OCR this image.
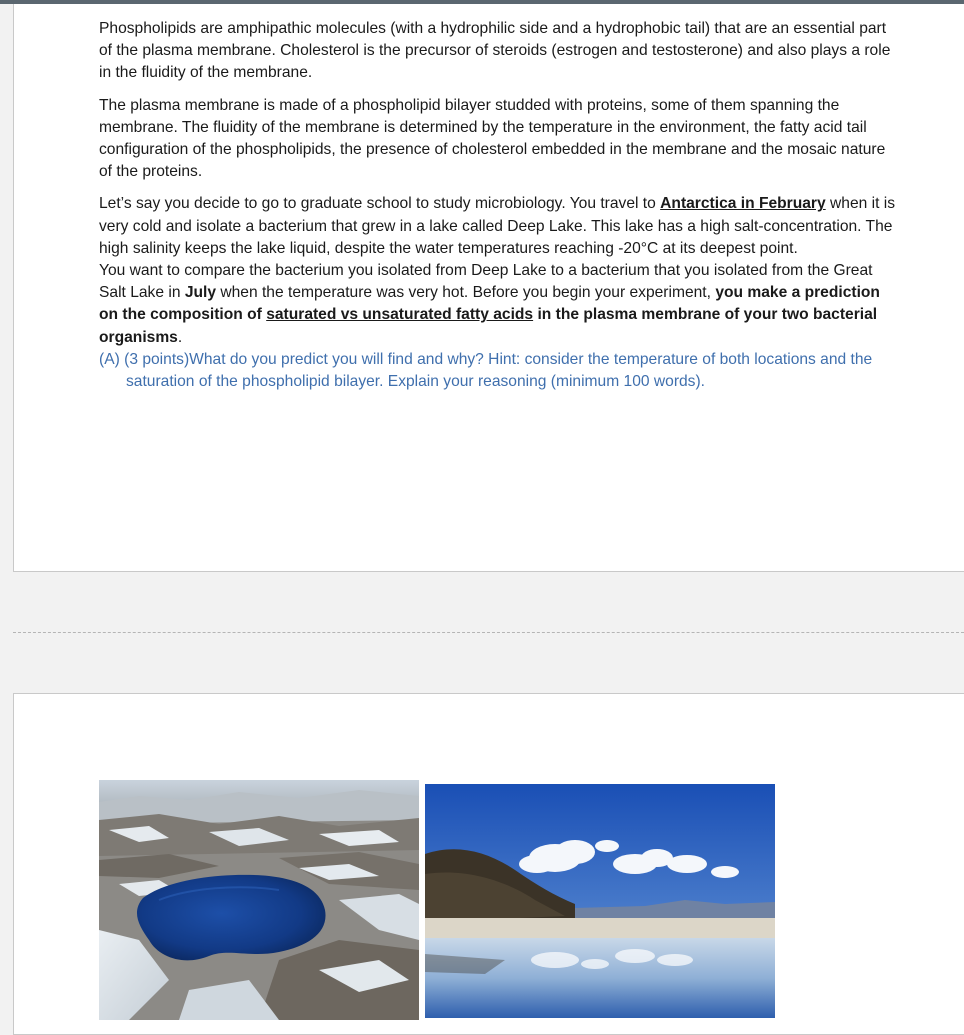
Phospholipids are amphipathic molecules (with a hydrophilic side and a hydrophobic tail) that are an essential part of the plasma membrane. Cholesterol is the precursor of steroids (estrogen and testosterone) and also plays a role in the fluidity of the membrane.

The plasma membrane is made of a phospholipid bilayer studded with proteins, some of them spanning the membrane. The fluidity of the membrane is determined by the temperature in the environment, the fatty acid tail configuration of the phospholipids, the presence of cholesterol embedded in the membrane and the mosaic nature of the proteins.

Let’s say you decide to go to graduate school to study microbiology. You travel to Antarctica in February when it is very cold and isolate a bacterium that grew in a lake called Deep Lake. This lake has a high salt-concentration. The high salinity keeps the lake liquid, despite the water temperatures reaching -20°C at its deepest point.

You want to compare the bacterium you isolated from Deep Lake to a bacterium that you isolated from the Great Salt Lake in July when the temperature was very hot. Before you begin your experiment, you make a prediction on the composition of saturated vs unsaturated fatty acids in the plasma membrane of your two bacterial organisms.

(A) (3 points)What do you predict you will find and why? Hint: consider the temperature of both locations and the saturation of the phospholipid bilayer. Explain your reasoning (minimum 100 words).
